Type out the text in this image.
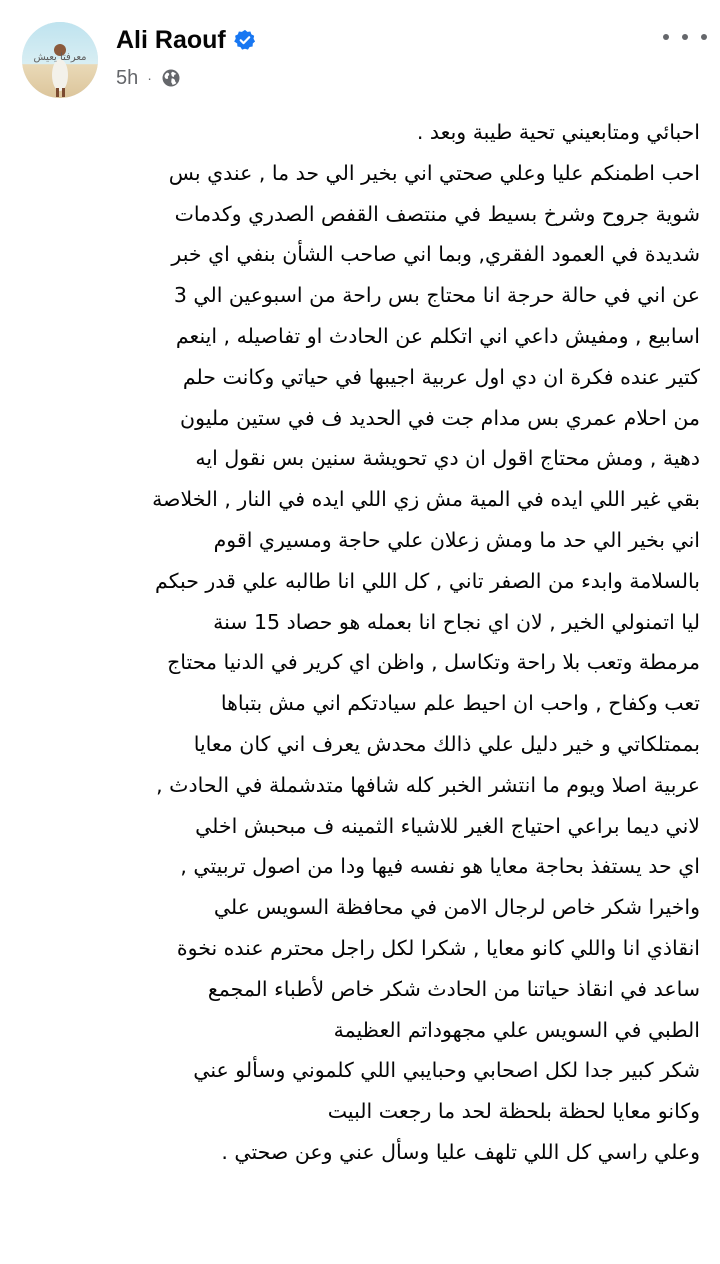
معرفتا يعيش
Ali Raouf
5h ·
احبائي ومتابعيني تحية طيبة وبعد .
احب اطمنكم عليا وعلي صحتي اني بخير الي حد ما , عندي بس
شوية جروح وشرخ بسيط في منتصف القفص الصدري وكدمات
شديدة في العمود الفقري, وبما اني صاحب الشأن بنفي اي خبر
عن اني في حالة حرجة انا محتاج بس راحة من اسبوعين الي 3
اسابيع , ومفيش داعي اني اتكلم عن الحادث او تفاصيله , اينعم
كتير عنده فكرة ان دي اول عربية اجيبها في حياتي وكانت حلم
من احلام عمري بس مدام جت في الحديد ف في ستين مليون
دهية , ومش محتاج اقول ان دي تحويشة سنين بس نقول ايه
بقي غير اللي ايده في المية مش زي اللي ايده في النار , الخلاصة
اني بخير الي حد ما ومش زعلان علي حاجة ومسيري اقوم
بالسلامة وابدء من الصفر تاني , كل اللي انا طالبه علي قدر حبكم
ليا اتمنولي الخير , لان اي نجاح انا بعمله هو حصاد 15 سنة
مرمطة وتعب بلا راحة وتكاسل , واظن اي كرير في الدنيا محتاج
تعب وكفاح , واحب ان احيط علم سيادتكم اني مش بتباها
بممتلكاتي و خير دليل علي ذالك محدش يعرف اني كان معايا
عربية اصلا ويوم ما انتشر الخبر كله شافها متدشملة في الحادث ,
لاني ديما براعي احتياج الغير للاشياء الثمينه ف مبحبش اخلي
اي حد يستفذ بحاجة معايا هو نفسه فيها ودا من اصول تربيتي ,
واخيرا شكر خاص لرجال الامن في محافظة السويس علي
انقاذي انا واللي كانو معايا , شكرا لكل راجل محترم عنده نخوة
ساعد في انقاذ حياتنا من الحادث شكر خاص لأطباء المجمع
الطبي في السويس علي مجهوداتم العظيمة
شكر كبير جدا لكل اصحابي وحبايبي اللي كلموني وسألو عني
وكانو معايا لحظة بلحظة لحد ما رجعت البيت
وعلي راسي كل اللي تلهف عليا وسأل عني وعن صحتي .
